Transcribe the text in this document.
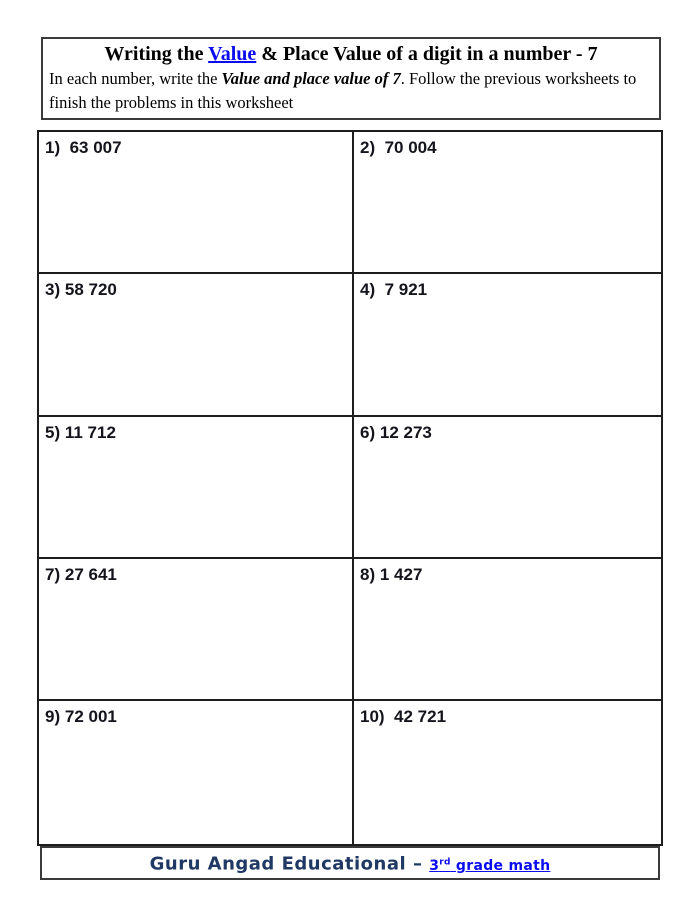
Writing the Value & Place Value of a digit in a number - 7
In each number, write the Value and place value of 7. Follow the previous worksheets to finish the problems in this worksheet
1) 63 007	2) 70 004
3) 58 720	4) 7 921
5) 11 712	6) 12 273
7) 27 641	8) 1 427
9) 72 001	10) 42 721
Guru Angad Educational – 3rd grade math
